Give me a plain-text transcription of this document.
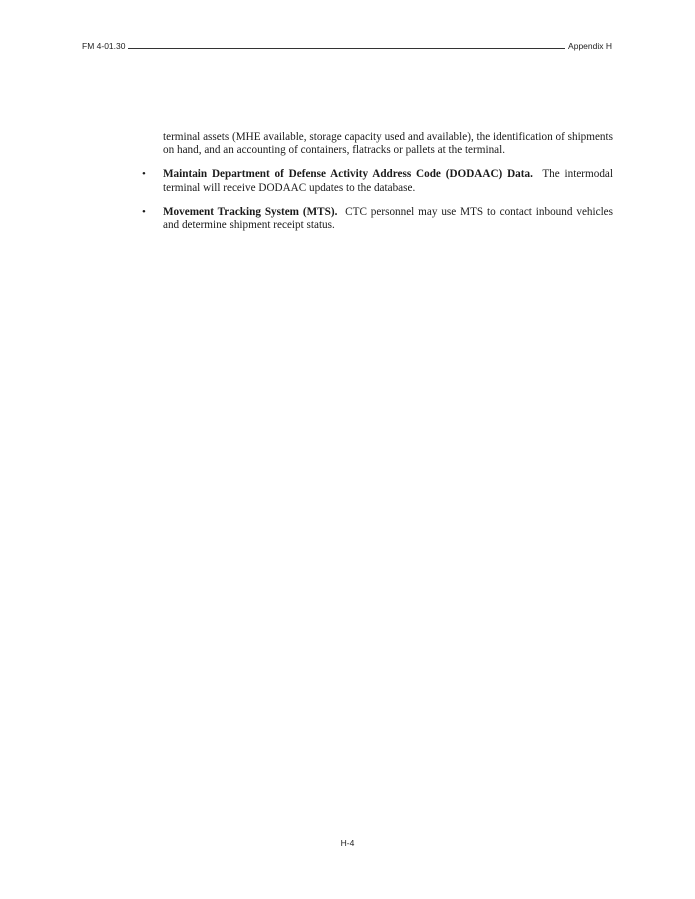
FM 4-01.30	Appendix H

terminal assets (MHE available, storage capacity used and available), the identification of shipments on hand, and an accounting of containers, flatracks or pallets at the terminal.

• Maintain Department of Defense Activity Address Code (DODAAC) Data. The intermodal terminal will receive DODAAC updates to the database.

• Movement Tracking System (MTS). CTC personnel may use MTS to contact inbound vehicles and determine shipment receipt status.

H-4
